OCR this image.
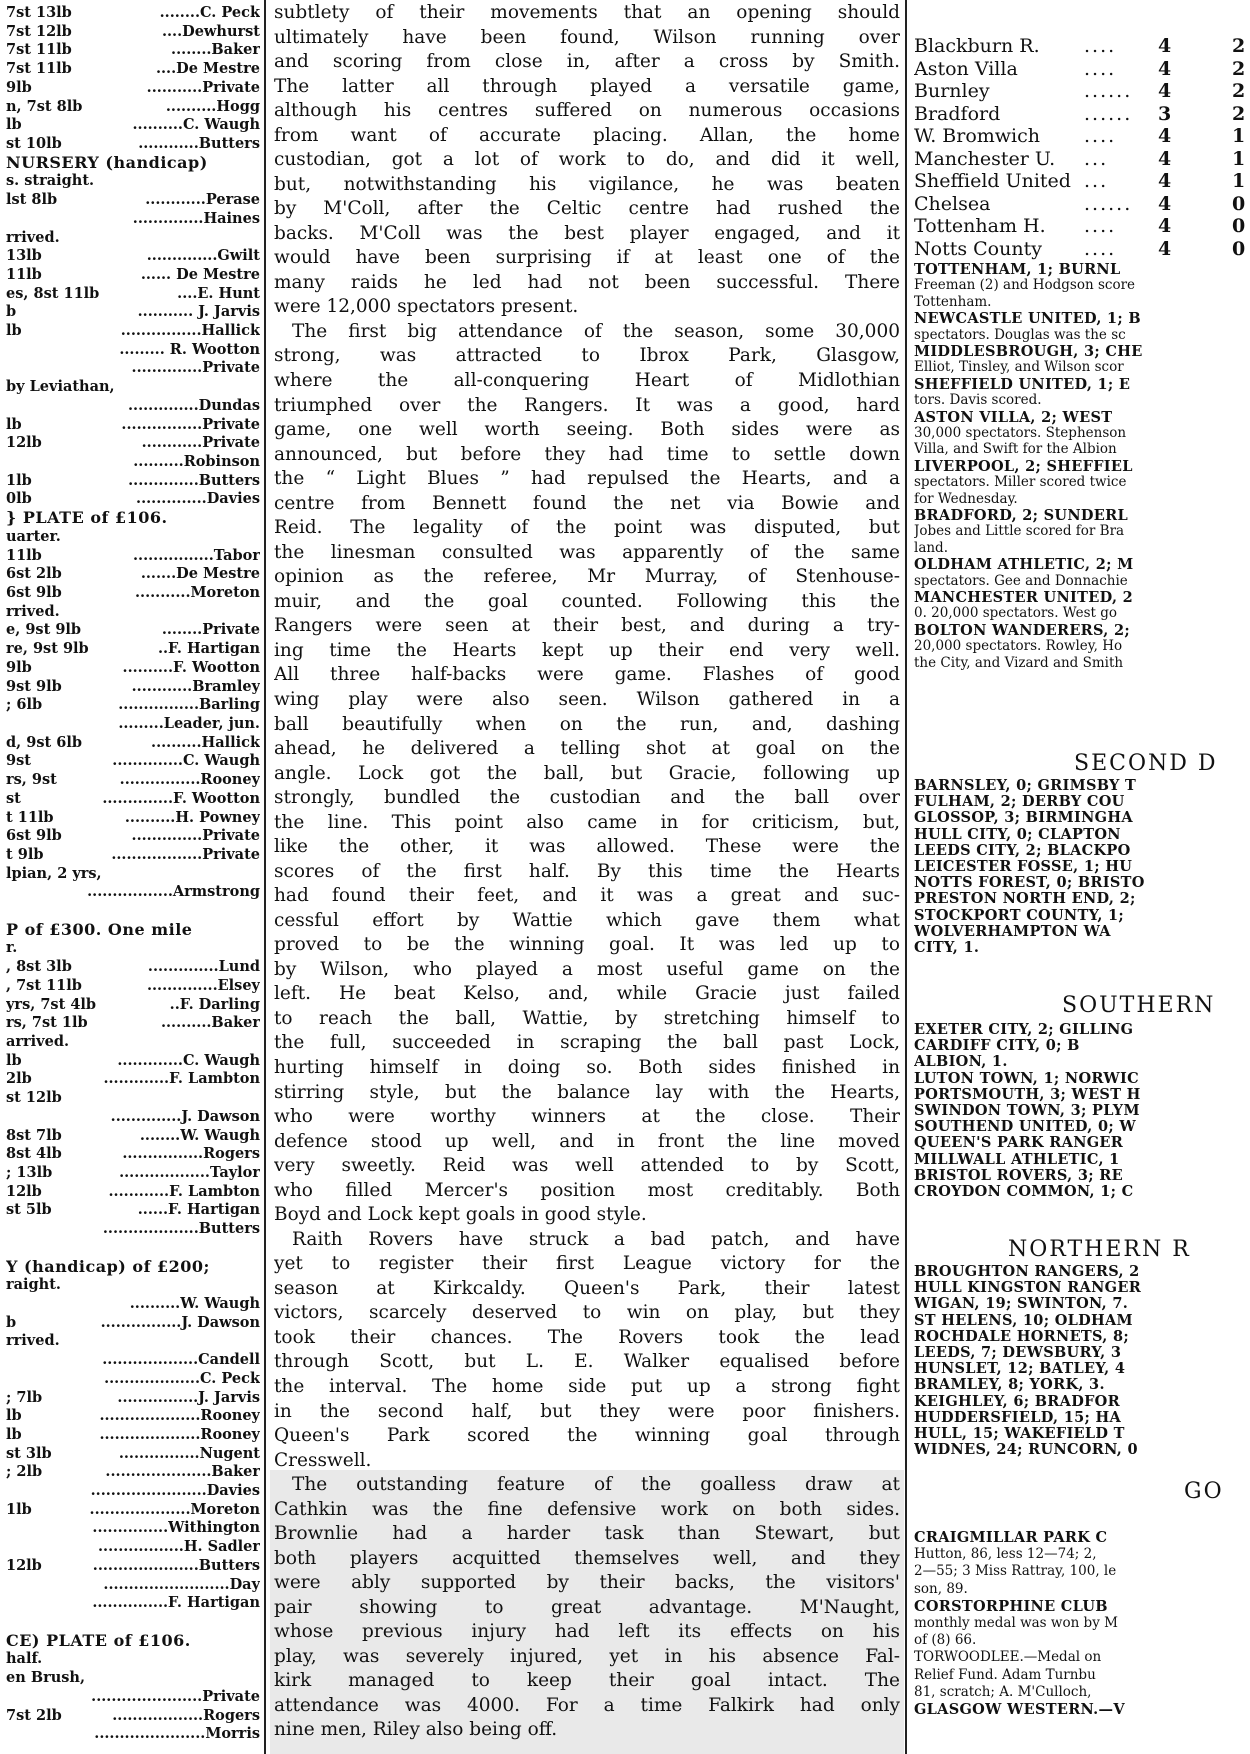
7st 13lb	........C. Peck
7st 12lb	....Dewhurst
7st 11lb	........Baker
7st 11lb	....De Mestre
9lb	...........Private
n, 7st 8lb	..........Hogg
lb	..........C. Waugh
st 10lb	............Butters
NURSERY (handicap)
s. straight.
lst 8lb	............Perase
..............Haines
rrived.
13lb	..............Gwilt
11lb	...... De Mestre
es, 8st 11lb	....E. Hunt
b	........... J. Jarvis
lb	................Hallick
......... R. Wootton
..............Private
by Leviathan,
..............Dundas
lb	................Private
12lb	............Private
..........Robinson
1lb	..............Butters
0lb	..............Davies
} PLATE of £106.
uarter.
11lb	................Tabor
6st 2lb	.......De Mestre
6st 9lb	...........Moreton
rrived.
e, 9st 9lb	........Private
re, 9st 9lb	..F. Hartigan
9lb	..........F. Wootton
9st 9lb	............Bramley
; 6lb	................Barling
.........Leader, jun.
d, 9st 6lb	..........Hallick
9st	..............C. Waugh
rs, 9st	................Rooney
st	..............F. Wootton
t 11lb	..........H. Powney
6st 9lb	..............Private
t 9lb	..................Private
lpian, 2 yrs,
.................Armstrong
P of £300. One mile
r.
, 8st 3lb	..............Lund
, 7st 11lb	..............Elsey
yrs, 7st 4lb	..F. Darling
rs, 7st 1lb	..........Baker
arrived.
lb	.............C. Waugh
2lb	.............F. Lambton
st 12lb
..............J. Dawson
8st 7lb	........W. Waugh
8st 4lb	................Rogers
; 13lb	..................Taylor
12lb	............F. Lambton
st 5lb	......F. Hartigan
...................Butters
Y (handicap) of £200;
raight.
..........W. Waugh
b	................J. Dawson
rrived.
...................Candell
...................C. Peck
; 7lb	................J. Jarvis
lb	....................Rooney
lb	....................Rooney
st 3lb	................Nugent
; 2lb	.....................Baker
.......................Davies
1lb	....................Moreton
...............Withington
.................H. Sadler
12lb	.....................Butters
.........................Day
...............F. Hartigan
CE) PLATE of £106.
half.
en Brush,
......................Private
7st 2lb	..................Rogers
......................Morris
subtlety of their movements that an opening should
ultimately have been found, Wilson running over
and scoring from close in, after a cross by Smith.
The latter all through played a versatile game,
although his centres suffered on numerous occasions
from want of accurate placing. Allan, the home
custodian, got a lot of work to do, and did it well,
but, notwithstanding his vigilance, he was beaten
by M'Coll, after the Celtic centre had rushed the
backs. M'Coll was the best player engaged, and it
would have been surprising if at least one of the
many raids he led had not been successful. There
were 12,000 spectators present.
The first big attendance of the season, some 30,000
strong, was attracted to Ibrox Park, Glasgow,
where the all-conquering Heart of Midlothian
triumphed over the Rangers. It was a good, hard
game, one well worth seeing. Both sides were as
announced, but before they had time to settle down
the “ Light Blues ” had repulsed the Hearts, and a
centre from Bennett found the net via Bowie and
Reid. The legality of the point was disputed, but
the linesman consulted was apparently of the same
opinion as the referee, Mr Murray, of Stenhouse-
muir, and the goal counted. Following this the
Rangers were seen at their best, and during a try-
ing time the Hearts kept up their end very well.
All three half-backs were game. Flashes of good
wing play were also seen. Wilson gathered in a
ball beautifully when on the run, and, dashing
ahead, he delivered a telling shot at goal on the
angle. Lock got the ball, but Gracie, following up
strongly, bundled the custodian and the ball over
the line. This point also came in for criticism, but,
like the other, it was allowed. These were the
scores of the first half. By this time the Hearts
had found their feet, and it was a great and suc-
cessful effort by Wattie which gave them what
proved to be the winning goal. It was led up to
by Wilson, who played a most useful game on the
left. He beat Kelso, and, while Gracie just failed
to reach the ball, Wattie, by stretching himself to
the full, succeeded in scraping the ball past Lock,
hurting himself in doing so. Both sides finished in
stirring style, but the balance lay with the Hearts,
who were worthy winners at the close. Their
defence stood up well, and in front the line moved
very sweetly. Reid was well attended to by Scott,
who filled Mercer's position most creditably. Both
Boyd and Lock kept goals in good style.
Raith Rovers have struck a bad patch, and have
yet to register their first League victory for the
season at Kirkcaldy. Queen's Park, their latest
victors, scarcely deserved to win on play, but they
took their chances. The Rovers took the lead
through Scott, but L. E. Walker equalised before
the interval. The home side put up a strong fight
in the second half, but they were poor finishers.
Queen's Park scored the winning goal through
Cresswell.
The outstanding feature of the goalless draw at
Cathkin was the fine defensive work on both sides.
Brownlie had a harder task than Stewart, but
both players acquitted themselves well, and they
were ably supported by their backs, the visitors'
pair showing to great advantage. M'Naught,
whose previous injury had left its effects on his
play, was severely injured, yet in his absence Fal-
kirk managed to keep their goal intact. The
attendance was 4000. For a time Falkirk had only
nine men, Riley also being off.
Blackburn R. .... 4	2
Aston Villa	.... 4	2
Burnley	...... 4	2
Bradford	...... 3	2
W. Bromwich .... 4	1
Manchester U. ...	4	1
Sheffield United ...	4	1
Chelsea	...... 4	0
Tottenham H. .... 4	0
Notts County .... 4	0
TOTTENHAM, 1; BURNL
Freeman (2) and Hodgson score
Tottenham.
NEWCASTLE UNITED, 1; B
spectators. Douglas was the sc
MIDDLESBROUGH, 3; CHE
Elliot, Tinsley, and Wilson scor
SHEFFIELD UNITED, 1; E
tors. Davis scored.
ASTON VILLA, 2; WEST
30,000 spectators. Stephenson
Villa, and Swift for the Albion
LIVERPOOL, 2; SHEFFIEL
spectators. Miller scored twice
for Wednesday.
BRADFORD, 2; SUNDERL
Jobes and Little scored for Bra
land.
OLDHAM ATHLETIC, 2; M
spectators. Gee and Donnachie
MANCHESTER UNITED, 2
0. 20,000 spectators. West go
BOLTON WANDERERS, 2;
20,000 spectators. Rowley, Ho
the City, and Vizard and Smith
SECOND D
BARNSLEY, 0; GRIMSBY T
FULHAM, 2; DERBY COU
GLOSSOP, 3; BIRMINGHA
HULL CITY, 0; CLAPTON
LEEDS CITY, 2; BLACKPO
LEICESTER FOSSE, 1; HU
NOTTS FOREST, 0; BRISTO
PRESTON NORTH END, 2;
STOCKPORT COUNTY, 1;
WOLVERHAMPTON WA
CITY, 1.
SOUTHERN
EXETER CITY, 2; GILLING
CARDIFF CITY, 0; B
ALBION, 1.
LUTON TOWN, 1; NORWIC
PORTSMOUTH, 3; WEST H
SWINDON TOWN, 3; PLYM
SOUTHEND UNITED, 0; W
QUEEN'S PARK RANGER
MILLWALL ATHLETIC, 1
BRISTOL ROVERS, 3; RE
CROYDON COMMON, 1; C
NORTHERN R
BROUGHTON RANGERS, 2
HULL KINGSTON RANGER
WIGAN, 19; SWINTON, 7.
ST HELENS, 10; OLDHAM
ROCHDALE HORNETS, 8;
LEEDS, 7; DEWSBURY, 3
HUNSLET, 12; BATLEY, 4
BRAMLEY, 8; YORK, 3.
KEIGHLEY, 6; BRADFOR
HUDDERSFIELD, 15; HA
HULL, 15; WAKEFIELD T
WIDNES, 24; RUNCORN, 0
GO
CRAIGMILLAR PARK C
Hutton, 86, less 12—74; 2,
2—55; 3 Miss Rattray, 100, le
son, 89.
CORSTORPHINE CLUB
monthly medal was won by M
of (8) 66.
TORWOODLEE.—Medal on
Relief Fund. Adam Turnbu
81, scratch; A. M'Culloch,
GLASGOW WESTERN.—V
